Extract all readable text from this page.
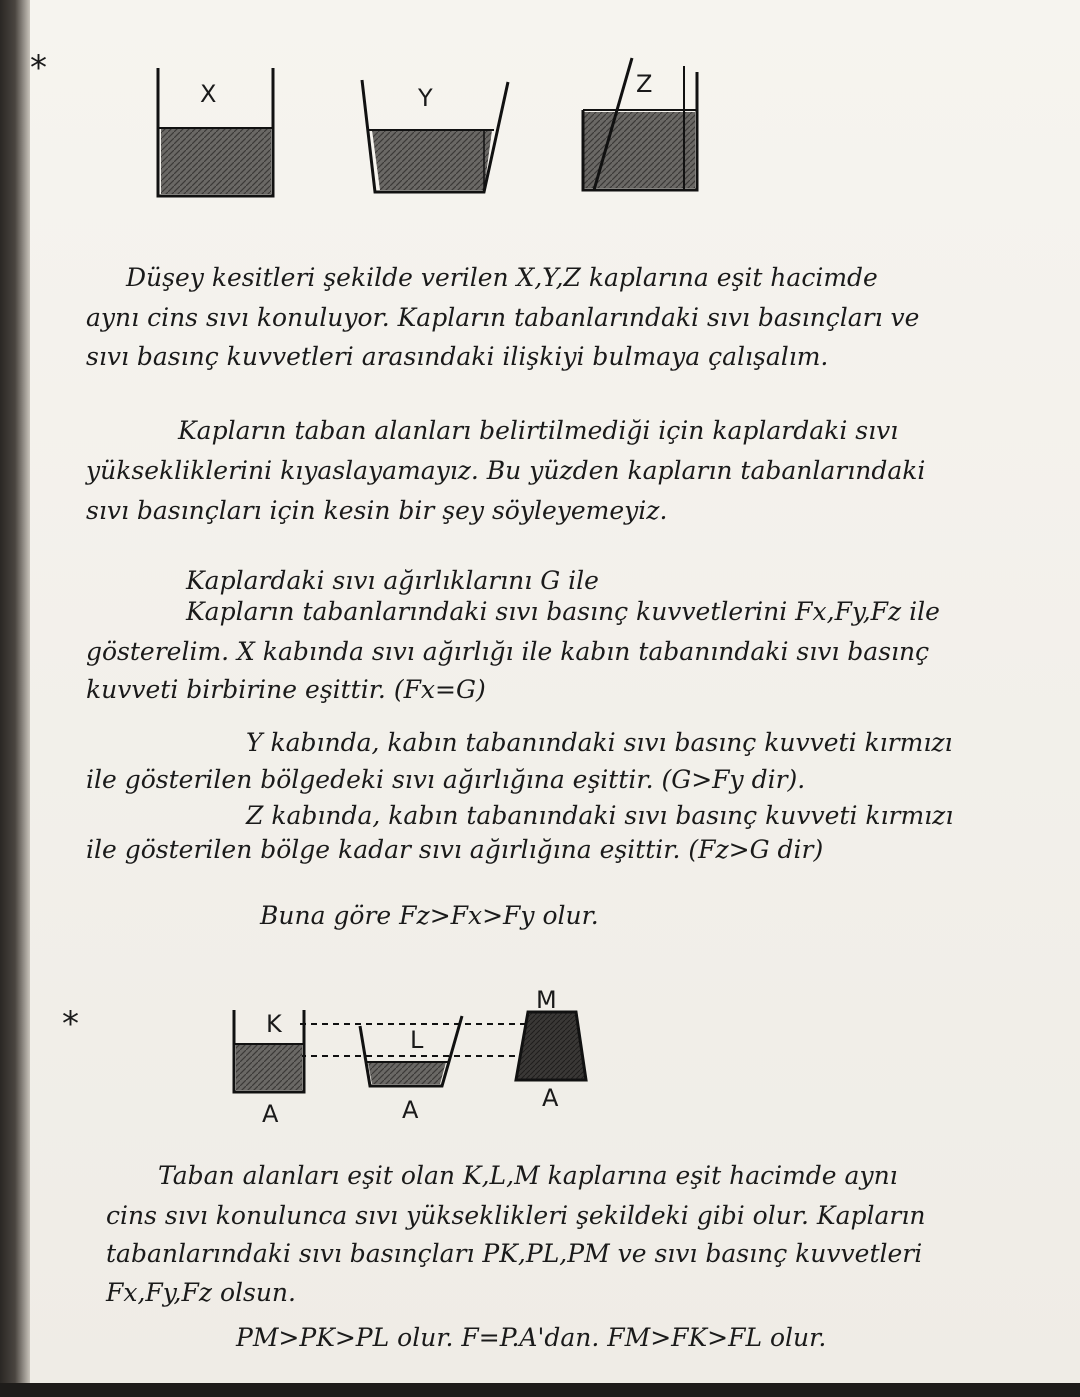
*
X	Y	Z
Düşey kesitleri şekilde verilen X,Y,Z kaplarına eşit hacimde
aynı cins sıvı konuluyor. Kapların tabanlarındaki sıvı basınçları ve
sıvı basınç kuvvetleri arasındaki ilişkiyi bulmaya çalışalım.
Kapların taban alanları belirtilmediği için kaplardaki sıvı
yüksekliklerini kıyaslayamayız. Bu yüzden kapların tabanlarındaki
sıvı basınçları için kesin bir şey söyleyemeyiz.
Kaplardaki sıvı ağırlıklarını G ile
Kapların tabanlarındaki sıvı basınç kuvvetlerini Fx,Fy,Fz ile
gösterelim. X kabında sıvı ağırlığı ile kabın tabanındaki sıvı basınç
kuvveti birbirine eşittir. (Fx=G)
Y kabında, kabın tabanındaki sıvı basınç kuvveti kırmızı
ile gösterilen bölgedeki sıvı ağırlığına eşittir. (G>Fy dir).
Z kabında, kabın tabanındaki sıvı basınç kuvveti kırmızı
ile gösterilen bölge kadar sıvı ağırlığına eşittir. (Fz>G dir)
Buna göre Fz>Fx>Fy olur.
*	K
L
M
A	A	A
Taban alanları eşit olan K,L,M kaplarına eşit hacimde aynı
cins sıvı konulunca sıvı yükseklikleri şekildeki gibi olur. Kapların
tabanlarındaki sıvı basınçları PK,PL,PM ve sıvı basınç kuvvetleri
Fx,Fy,Fz olsun.
PM>PK>PL olur. F=P.A'dan. FM>FK>FL olur.
